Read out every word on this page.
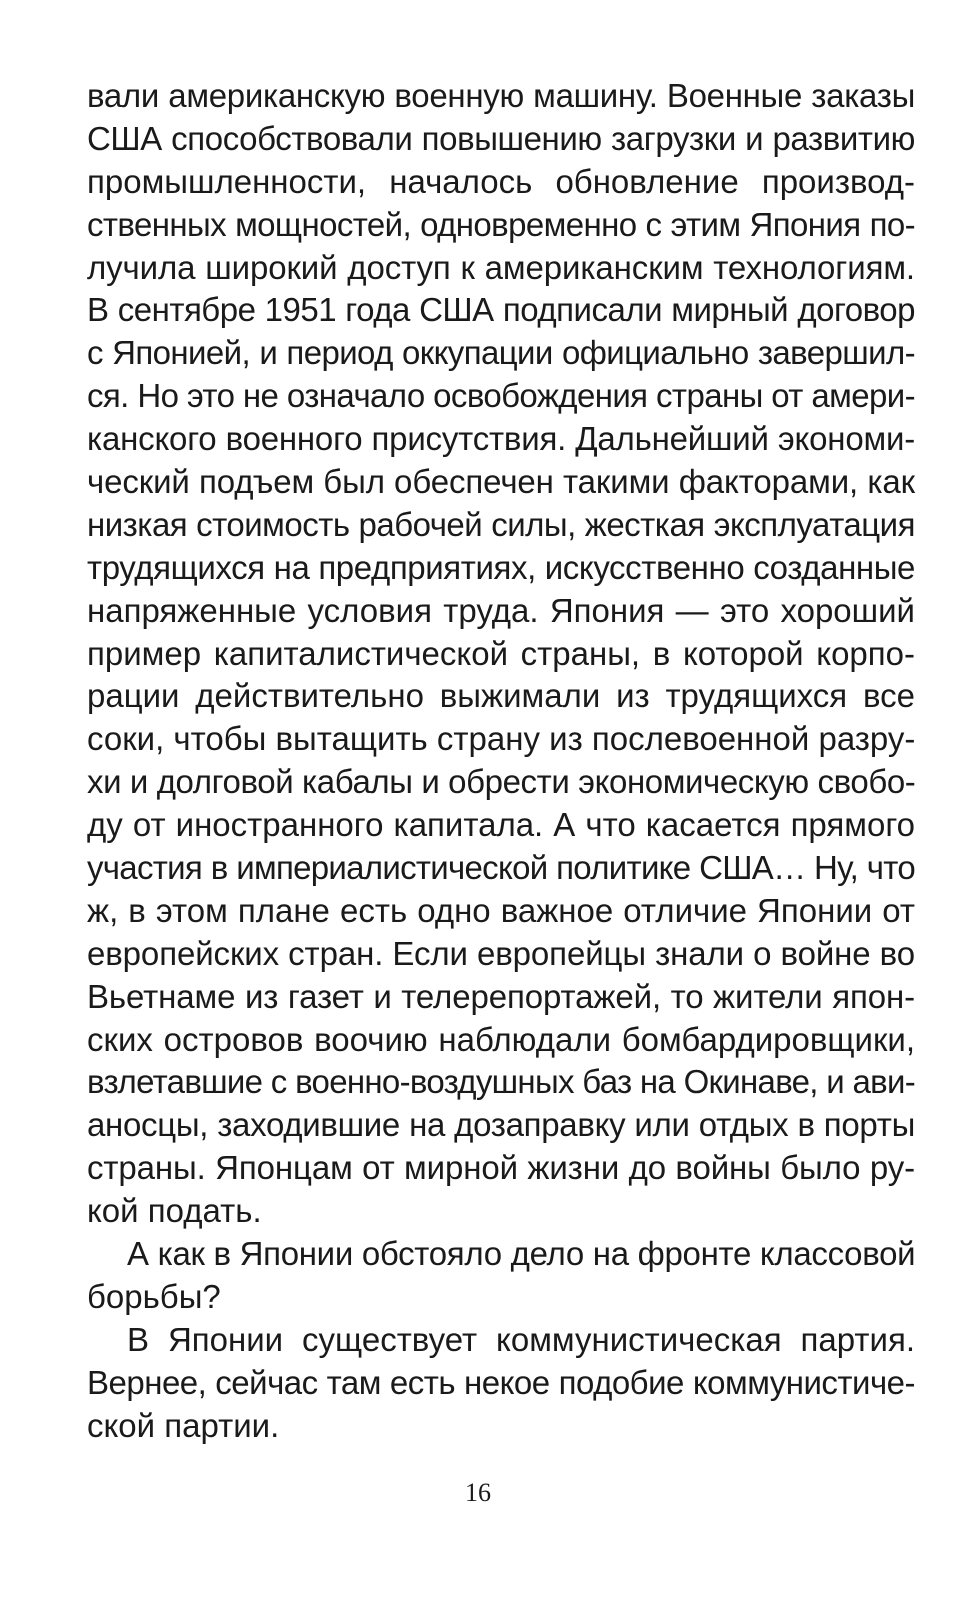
вали американскую военную машину. Военные заказы
США способствовали повышению загрузки и развитию
промышленности, началось обновление производ-
ственных мощностей, одновременно с этим Япония по-
лучила широкий доступ к американским технологиям.
В сентябре 1951 года США подписали мирный договор
с Японией, и период оккупации официально завершил-
ся. Но это не означало освобождения страны от амери-
канского военного присутствия. Дальнейший экономи-
ческий подъем был обеспечен такими факторами, как
низкая стоимость рабочей силы, жесткая эксплуатация
трудящихся на предприятиях, искусственно созданные
напряженные условия труда. Япония — это хороший
пример капиталистической страны, в которой корпо-
рации действительно выжимали из трудящихся все
соки, чтобы вытащить страну из послевоенной разру-
хи и долговой кабалы и обрести экономическую свобо-
ду от иностранного капитала. А что касается прямого
участия в империалистической политике США… Ну, что
ж, в этом плане есть одно важное отличие Японии от
европейских стран. Если европейцы знали о войне во
Вьетнаме из газет и телерепортажей, то жители япон-
ских островов воочию наблюдали бомбардировщики,
взлетавшие с военно-воздушных баз на Окинаве, и ави-
аносцы, заходившие на дозаправку или отдых в порты
страны. Японцам от мирной жизни до войны было ру-
кой подать.
А как в Японии обстояло дело на фронте классовой
борьбы?
В Японии существует коммунистическая партия.
Вернее, сейчас там есть некое подобие коммунистиче-
ской партии.
16
